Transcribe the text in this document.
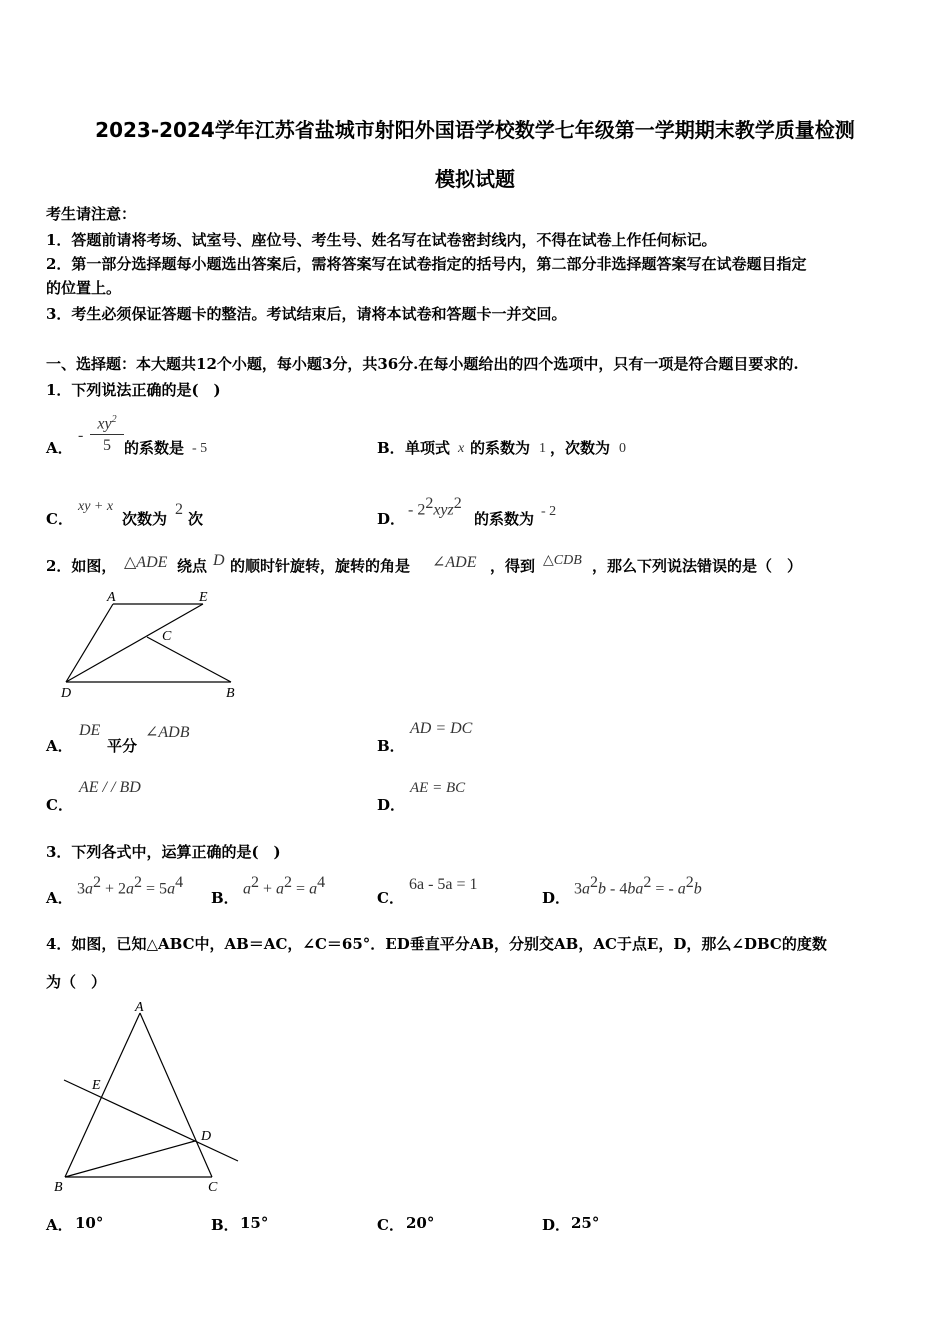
2023-2024学年江苏省盐城市射阳外国语学校数学七年级第一学期期末教学质量检测
模拟试题
考生请注意：
1．答题前请将考场、试室号、座位号、考生号、姓名写在试卷密封线内，不得在试卷上作任何标记。
2．第一部分选择题每小题选出答案后，需将答案写在试卷指定的括号内，第二部分非选择题答案写在试卷题目指定
的位置上。
3．考生必须保证答题卡的整洁。考试结束后，请将本试卷和答题卡一并交回。
一、选择题：本大题共12个小题，每小题3分，共36分.在每小题给出的四个选项中，只有一项是符合题目要求的.
1．下列说法正确的是(　)
A．
-
$xy^2$
5 的系数是 - 5	B． 单项式 x 的系数为 1 ，次数为 0
C．
xy + x
次数为
2
次	D．
- $2^2xyz^2$
的系数为 - 2
2．如图， △ADE 绕点 D 的顺时针旋转，旋转的角是 ∠ADE ，得到 △CDB ，那么下列说法错误的是（　）
A	E
C
D	B
A．
DE
平分
∠ADB
B．
AD = DC
C．
AE / / BD
D．
AE = BC
3．下列各式中，运算正确的是(　)
A．
$3a^2 + 2a^2 = 5a^4$
B．
$a^2 + a^2 = a^4$
C．
6a - 5a = 1
D．
$3a^2b - 4ba^2$ = - $a^2b$
4．如图，已知△ABC中，AB＝AC，∠C＝65°．ED垂直平分AB，分别交AB，AC于点E，D，那么∠DBC的度数
为（　）
A
E
D
B	C
A． 10°	B． 15°	C． 20°	D． 25°
